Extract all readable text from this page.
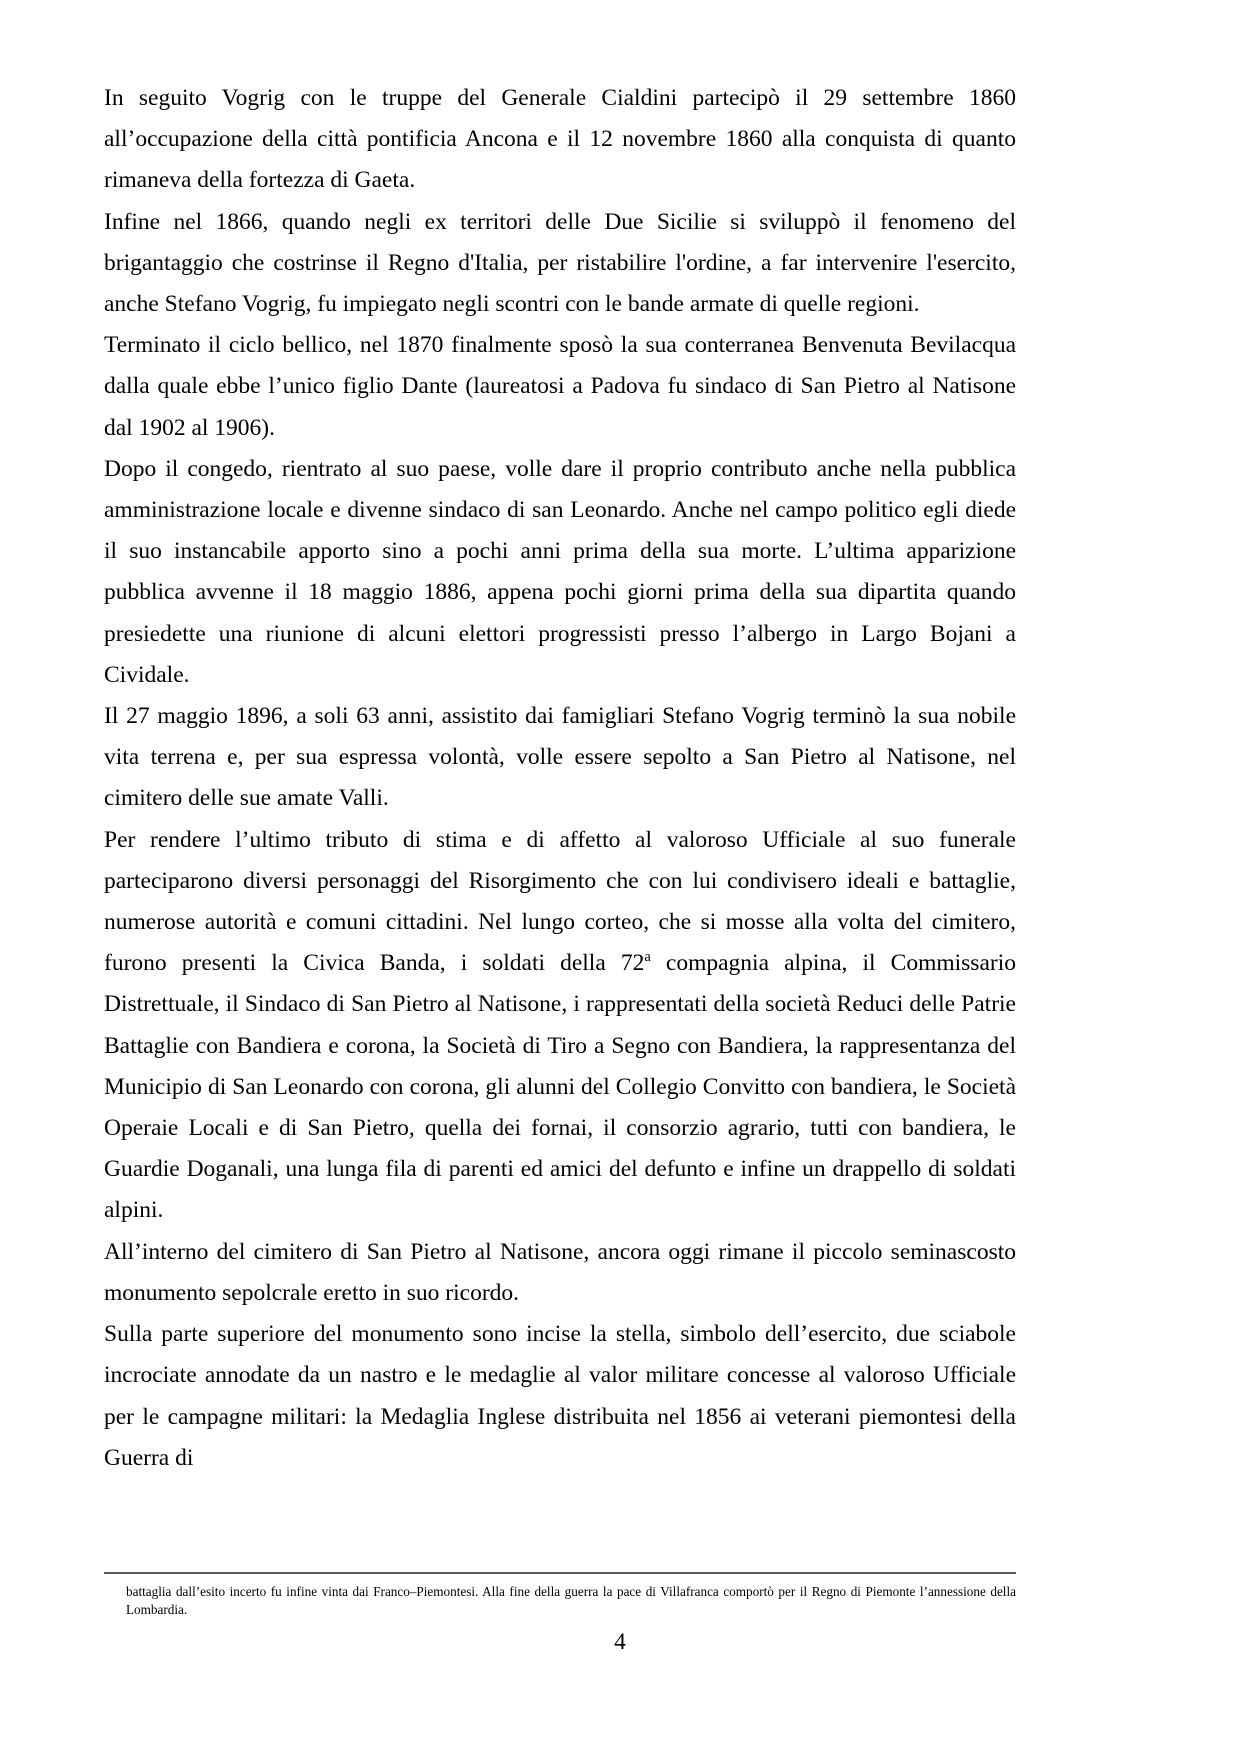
In seguito Vogrig con le truppe del Generale Cialdini partecipò il 29 settembre 1860 all’occupazione della città pontificia Ancona e il 12 novembre 1860 alla conquista di quanto rimaneva della fortezza di Gaeta.

Infine nel 1866, quando negli ex territori delle Due Sicilie si sviluppò il fenomeno del brigantaggio che costrinse il Regno d'Italia, per ristabilire l'ordine, a far intervenire l'esercito, anche Stefano Vogrig, fu impiegato negli scontri con le bande armate di quelle regioni.

Terminato il ciclo bellico, nel 1870 finalmente sposò la sua conterranea Benvenuta Bevilacqua dalla quale ebbe l’unico figlio Dante (laureatosi a Padova fu sindaco di San Pietro al Natisone dal 1902 al 1906).

Dopo il congedo, rientrato al suo paese, volle dare il proprio contributo anche nella pubblica amministrazione locale e divenne sindaco di san Leonardo. Anche nel campo politico egli diede il suo instancabile apporto sino a pochi anni prima della sua morte. L’ultima apparizione pubblica avvenne il 18 maggio 1886, appena pochi giorni prima della sua dipartita quando presiedette una riunione di alcuni elettori progressisti presso l’albergo in Largo Bojani a Cividale.

Il 27 maggio 1896, a soli 63 anni, assistito dai famigliari Stefano Vogrig terminò la sua nobile vita terrena e, per sua espressa volontà, volle essere sepolto a San Pietro al Natisone, nel cimitero delle sue amate Valli.

Per rendere l’ultimo tributo di stima e di affetto al valoroso Ufficiale al suo funerale parteciparono diversi personaggi del Risorgimento che con lui condivisero ideali e battaglie, numerose autorità e comuni cittadini. Nel lungo corteo, che si mosse alla volta del cimitero, furono presenti la Civica Banda, i soldati della 72$^a$ compagnia alpina, il Commissario Distrettuale, il Sindaco di San Pietro al Natisone, i rappresentati della società Reduci delle Patrie Battaglie con Bandiera e corona, la Società di Tiro a Segno con Bandiera, la rappresentanza del Municipio di San Leonardo con corona, gli alunni del Collegio Convitto con bandiera, le Società Operaie Locali e di San Pietro, quella dei fornai, il consorzio agrario, tutti con bandiera, le Guardie Doganali, una lunga fila di parenti ed amici del defunto e infine un drappello di soldati alpini.

All’interno del cimitero di San Pietro al Natisone, ancora oggi rimane il piccolo seminascosto monumento sepolcrale eretto in suo ricordo.

Sulla parte superiore del monumento sono incise la stella, simbolo dell’esercito, due sciabole incrociate annodate da un nastro e le medaglie al valor militare concesse al valoroso Ufficiale per le campagne militari: la Medaglia Inglese distribuita nel 1856 ai veterani piemontesi della Guerra di

battaglia dall’esito incerto fu infine vinta dai Franco–Piemontesi. Alla fine della guerra la pace di Villafranca comportò per il Regno di Piemonte l’annessione della Lombardia.
4
